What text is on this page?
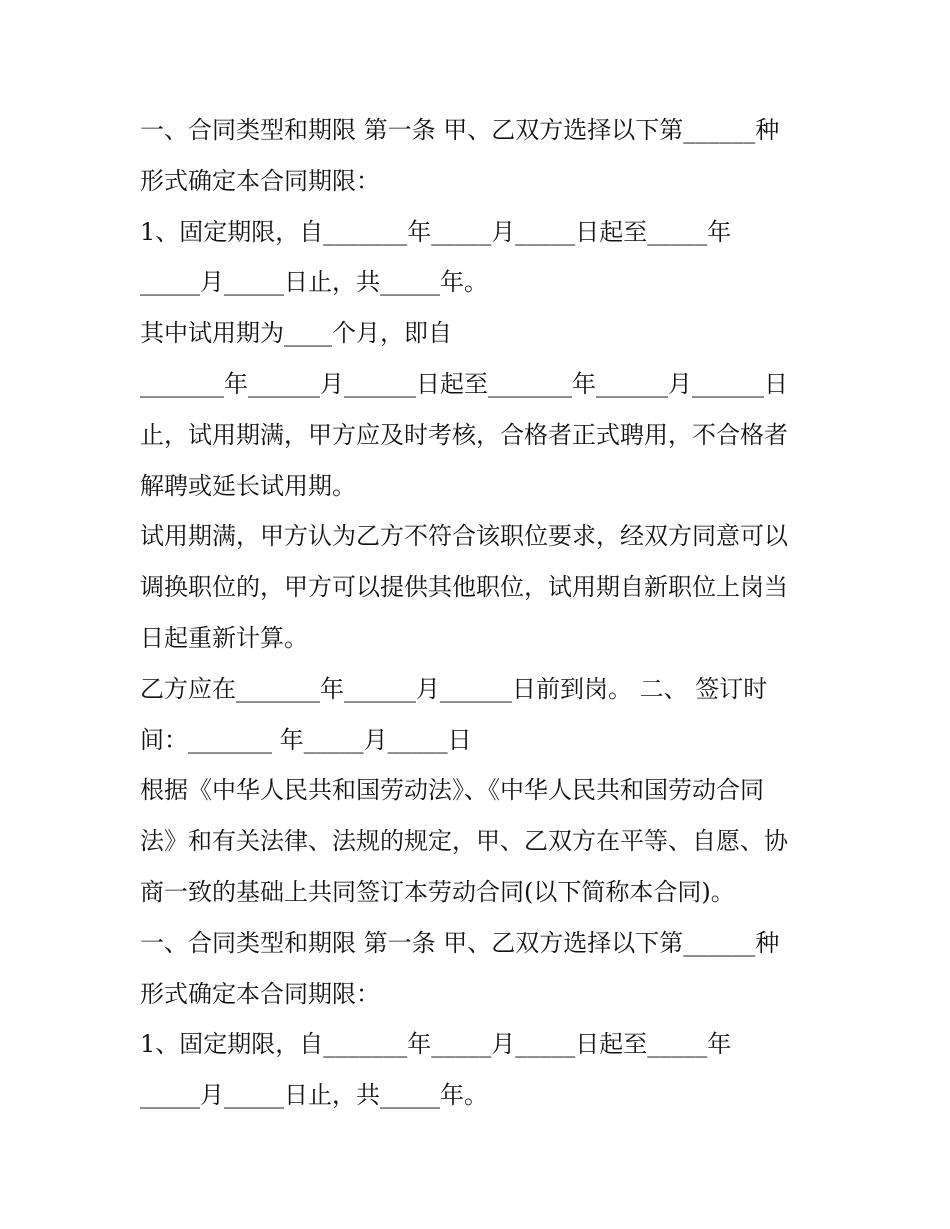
一、合同类型和期限 第一条 甲、乙双方选择以下第______种
形式确定本合同期限：
1、固定期限，自_______年_____月_____日起至_____年
_____月_____日止，共_____年。
其中试用期为____个月，即自
_______年______月______日起至_______年______月______日
止，试用期满，甲方应及时考核，合格者正式聘用，不合格者
解聘或延长试用期。
试用期满，甲方认为乙方不符合该职位要求，经双方同意可以
调换职位的，甲方可以提供其他职位，试用期自新职位上岗当
日起重新计算。
乙方应在_______年______月______日前到岗。 二、 签订时
间：_______ 年_____月_____日
根据《中华人民共和国劳动法》、《中华人民共和国劳动合同
法》和有关法律、法规的规定，甲、乙双方在平等、自愿、协
商一致的基础上共同签订本劳动合同(以下简称本合同)。
一、合同类型和期限 第一条 甲、乙双方选择以下第______种
形式确定本合同期限：
1、固定期限，自_______年_____月_____日起至_____年
_____月_____日止，共_____年。
